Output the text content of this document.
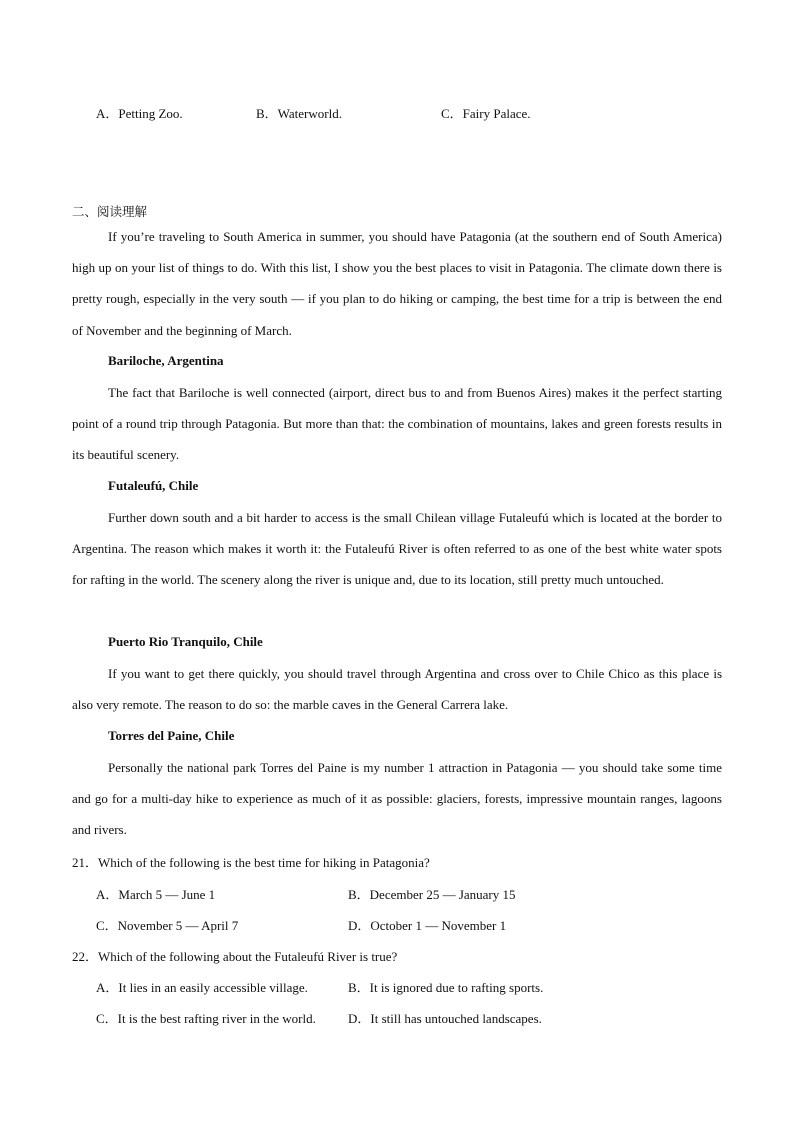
A．Petting Zoo.	B．Waterworld.	C．Fairy Palace.
二、阅读理解

If you’re traveling to South America in summer, you should have Patagonia (at the southern end of South America) high up on your list of things to do. With this list, I show you the best places to visit in Patagonia. The climate down there is pretty rough, especially in the very south — if you plan to do hiking or camping, the best time for a trip is between the end of November and the beginning of March.

Bariloche, Argentina

The fact that Bariloche is well connected (airport, direct bus to and from Buenos Aires) makes it the perfect starting point of a round trip through Patagonia. But more than that: the combination of mountains, lakes and green forests results in its beautiful scenery.

Futaleufú, Chile

Further down south and a bit harder to access is the small Chilean village Futaleufú which is located at the border to Argentina. The reason which makes it worth it: the Futaleufú River is often referred to as one of the best white water spots for rafting in the world. The scenery along the river is unique and, due to its location, still pretty much untouched.

Puerto Rio Tranquilo, Chile

If you want to get there quickly, you should travel through Argentina and cross over to Chile Chico as this place is also very remote. The reason to do so: the marble caves in the General Carrera lake.

Torres del Paine, Chile

Personally the national park Torres del Paine is my number 1 attraction in Patagonia — you should take some time and go for a multi-day hike to experience as much of it as possible: glaciers, forests, impressive mountain ranges, lagoons and rivers.

21．Which of the following is the best time for hiking in Patagonia?
A．March 5 — June 1	B．December 25 — January 15
C．November 5 — April 7	D．October 1 — November 1
22．Which of the following about the Futaleufú River is true?
A．It lies in an easily accessible village.	B．It is ignored due to rafting sports.
C．It is the best rafting river in the world. D．It still has untouched landscapes.
